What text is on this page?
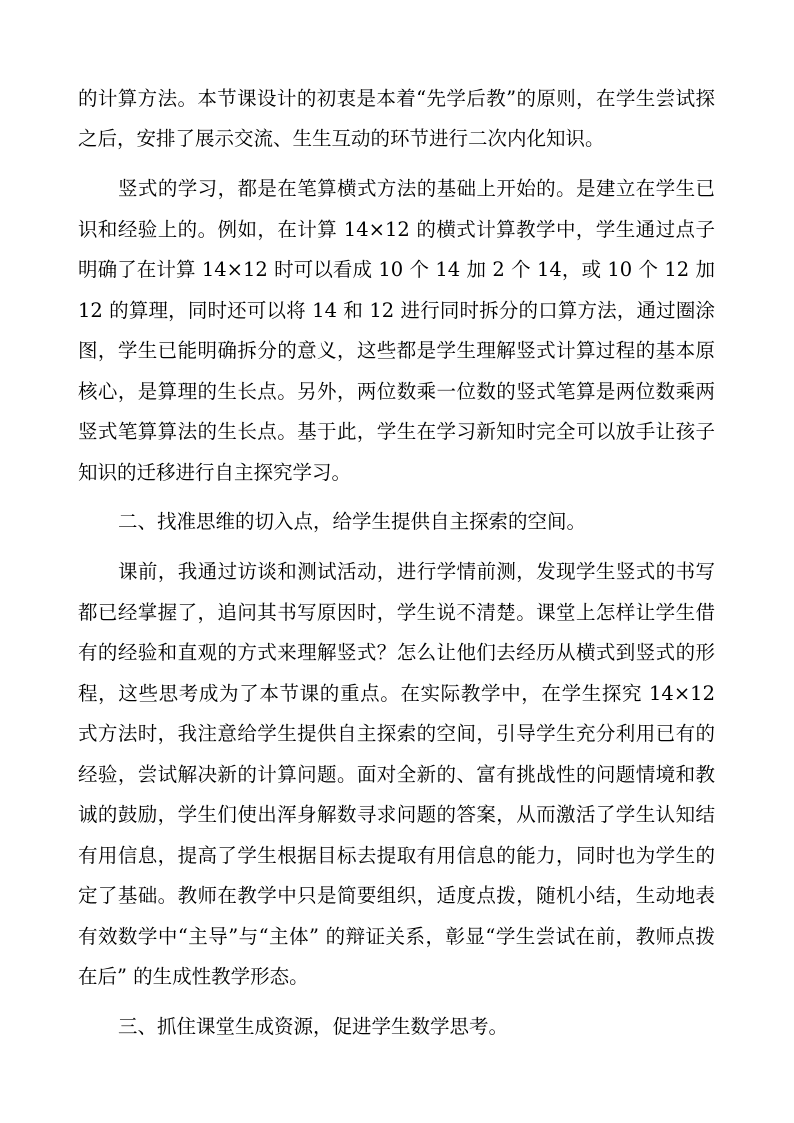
的计算方法。本节课设计的初衷是本着“先学后教”的原则，在学生尝试探
之后，安排了展示交流、生生互动的环节进行二次内化知识。
竖式的学习，都是在笔算横式方法的基础上开始的。是建立在学生已
识和经验上的。例如，在计算 14×12 的横式计算教学中，学生通过点子
明确了在计算 14×12 时可以看成 10 个 14 加 2 个 14，或 10 个 12 加
12 的算理，同时还可以将 14 和 12 进行同时拆分的口算方法，通过圈涂
图，学生已能明确拆分的意义，这些都是学生理解竖式计算过程的基本原
核心，是算理的生长点。另外，两位数乘一位数的竖式笔算是两位数乘两
竖式笔算算法的生长点。基于此，学生在学习新知时完全可以放手让孩子
知识的迁移进行自主探究学习。
二、找准思维的切入点，给学生提供自主探索的空间。
课前，我通过访谈和测试活动，进行学情前测，发现学生竖式的书写
都已经掌握了，追问其书写原因时，学生说不清楚。课堂上怎样让学生借
有的经验和直观的方式来理解竖式？怎么让他们去经历从横式到竖式的形
程，这些思考成为了本节课的重点。在实际教学中，在学生探究 14×12
式方法时，我注意给学生提供自主探索的空间，引导学生充分利用已有的
经验，尝试解决新的计算问题。面对全新的、富有挑战性的问题情境和教
诚的鼓励，学生们使出浑身解数寻求问题的答案，从而激活了学生认知结
有用信息，提高了学生根据目标去提取有用信息的能力，同时也为学生的
定了基础。教师在教学中只是简要组织，适度点拨，随机小结，生动地表
有效数学中“主导”与“主体” 的辩证关系，彰显“学生尝试在前，教师点拨
在后” 的生成性教学形态。
三、抓住课堂生成资源，促进学生数学思考。
